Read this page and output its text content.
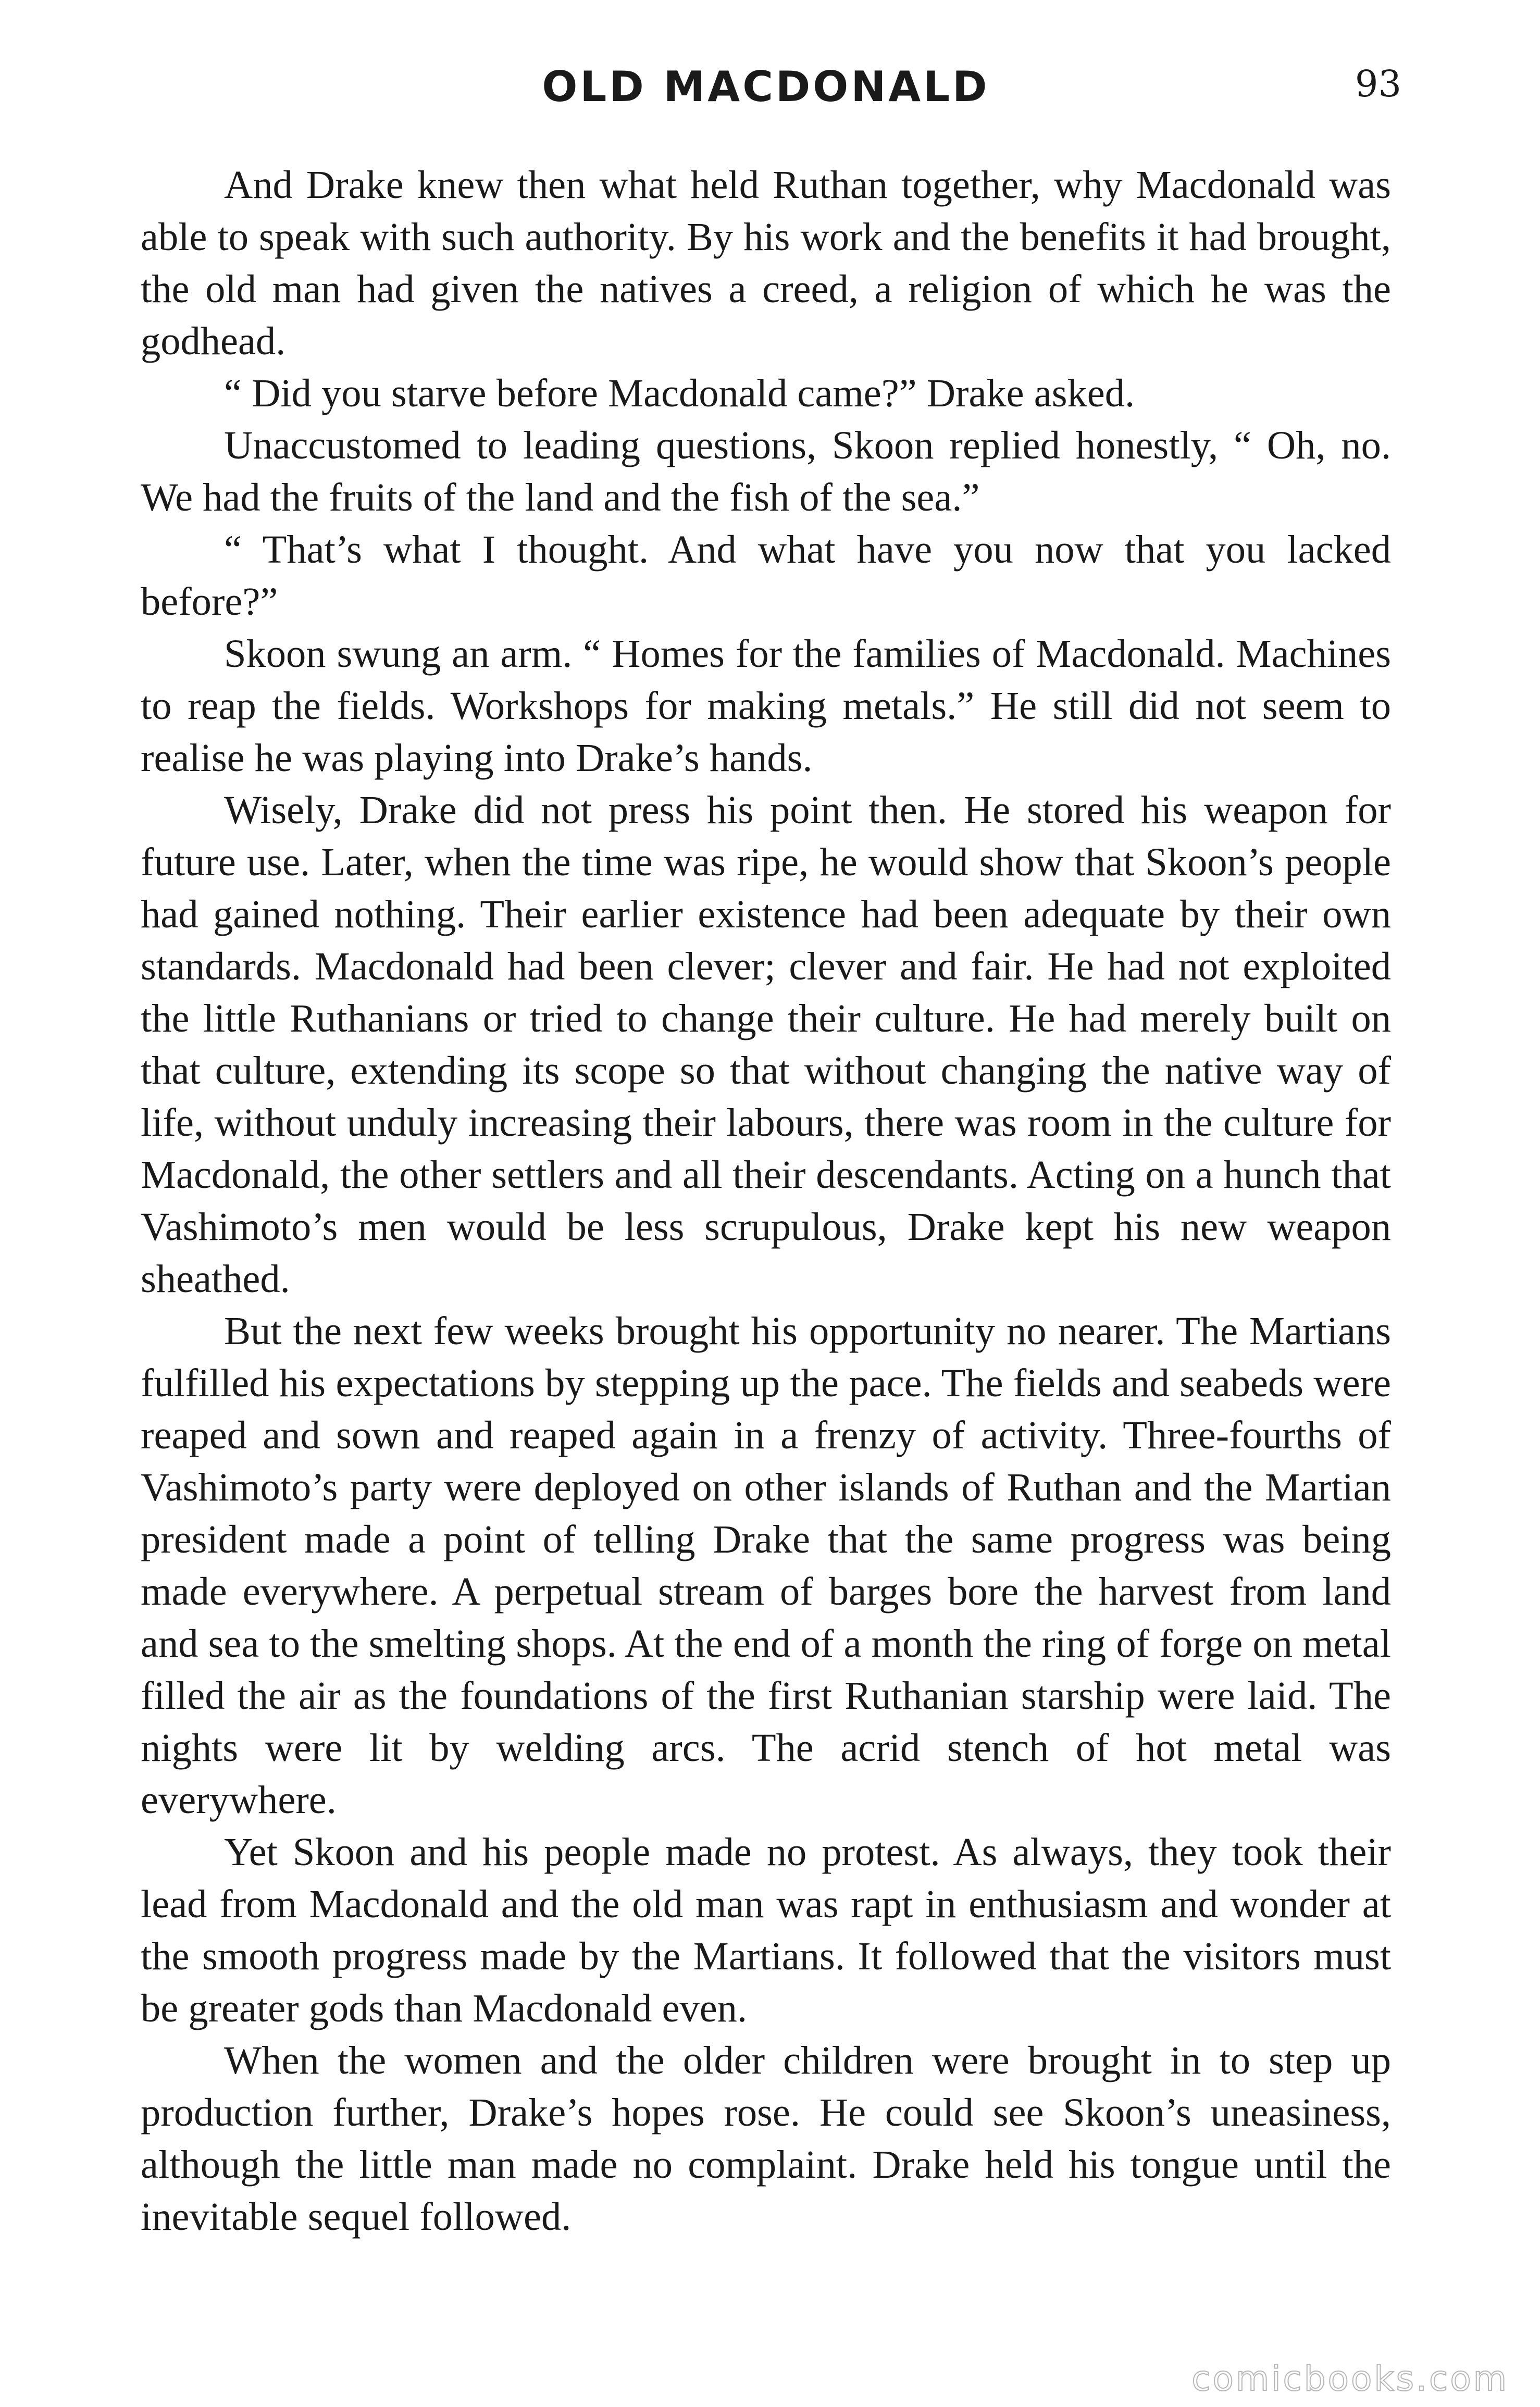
OLD MACDONALD	93

And Drake knew then what held Ruthan together, why Macdonald was able to speak with such authority. By his work and the benefits it had brought, the old man had given the natives a creed, a religion of which he was the godhead.

“ Did you starve before Macdonald came?” Drake asked.

Unaccustomed to leading questions, Skoon replied honestly, “ Oh, no. We had the fruits of the land and the fish of the sea.”

“ That’s what I thought. And what have you now that you lacked before?”

Skoon swung an arm. “ Homes for the families of Macdonald. Machines to reap the fields. Workshops for making metals.” He still did not seem to realise he was playing into Drake’s hands.

Wisely, Drake did not press his point then. He stored his weapon for future use. Later, when the time was ripe, he would show that Skoon’s people had gained nothing. Their earlier existence had been adequate by their own standards. Macdonald had been clever; clever and fair. He had not exploited the little Ruthanians or tried to change their culture. He had merely built on that culture, extending its scope so that without changing the native way of life, without unduly increasing their labours, there was room in the culture for Macdonald, the other settlers and all their descendants. Acting on a hunch that Vashimoto’s men would be less scrupulous, Drake kept his new weapon sheathed.

But the next few weeks brought his opportunity no nearer. The Martians fulfilled his expectations by stepping up the pace. The fields and seabeds were reaped and sown and reaped again in a frenzy of activity. Three-fourths of Vashimoto’s party were deployed on other islands of Ruthan and the Martian president made a point of telling Drake that the same progress was being made everywhere. A perpetual stream of barges bore the harvest from land and sea to the smelting shops. At the end of a month the ring of forge on metal filled the air as the foundations of the first Ruthanian starship were laid. The nights were lit by welding arcs. The acrid stench of hot metal was everywhere.

Yet Skoon and his people made no protest. As always, they took their lead from Macdonald and the old man was rapt in enthusiasm and wonder at the smooth progress made by the Martians. It followed that the visitors must be greater gods than Macdonald even.

When the women and the older children were brought in to step up production further, Drake’s hopes rose. He could see Skoon’s uneasiness, although the little man made no complaint. Drake held his tongue until the inevitable sequel followed.

comicbooks.com
